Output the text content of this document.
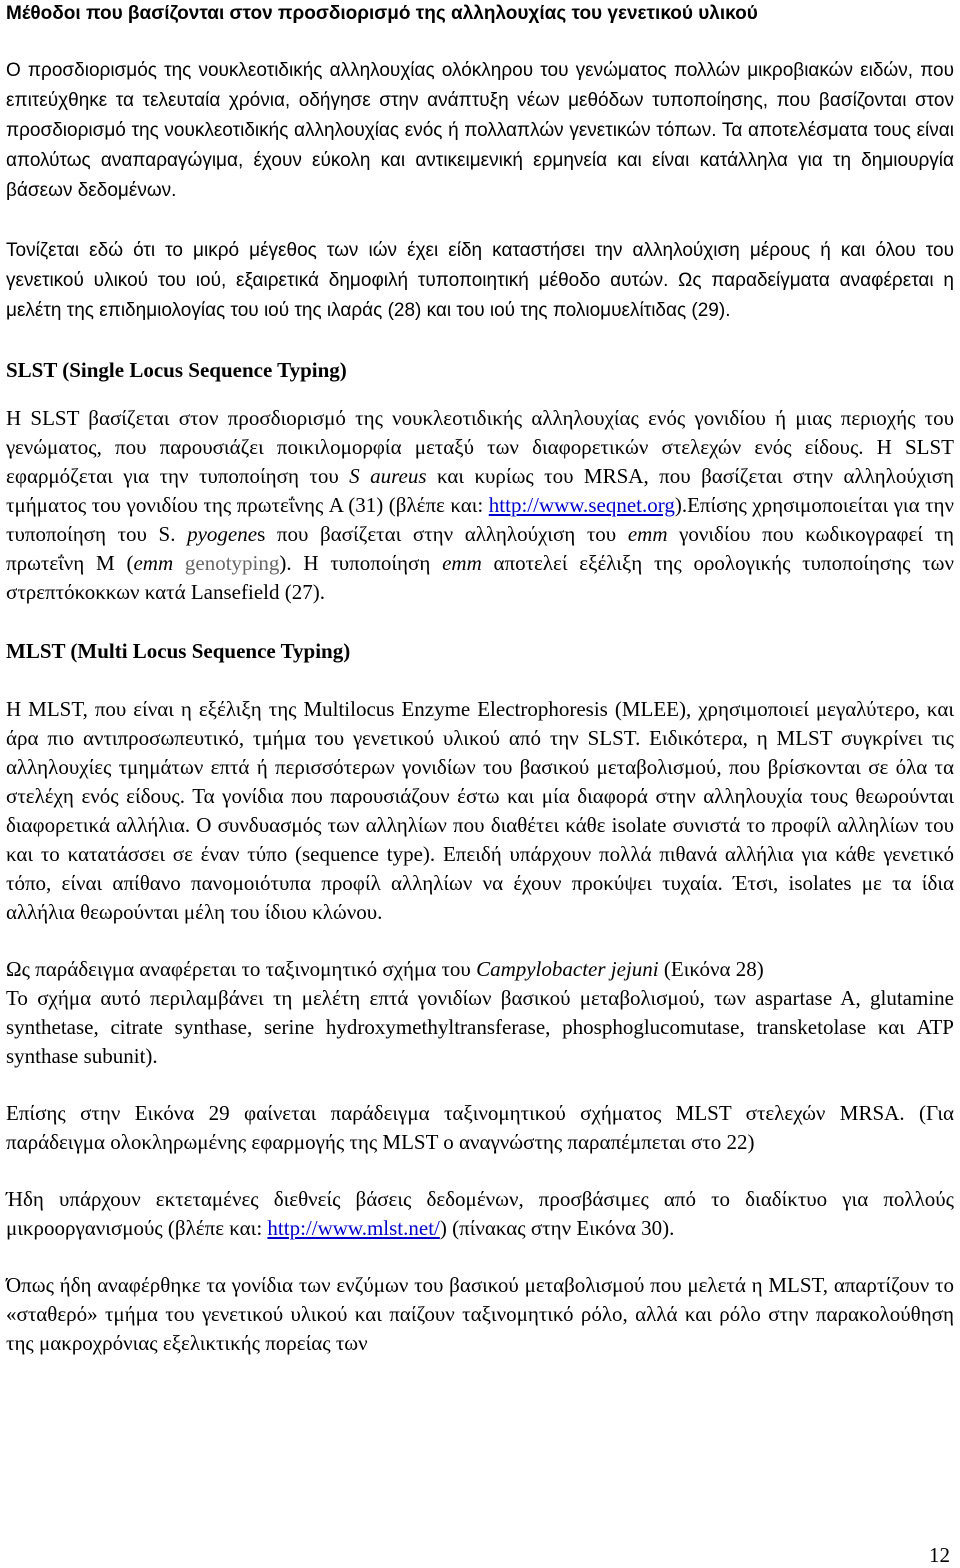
Μέθοδοι που βασίζονται στον προσδιορισμό της αλληλουχίας του γενετικού υλικού

Ο προσδιορισμός της νουκλεοτιδικής αλληλουχίας ολόκληρου του γενώματος πολλών μικροβιακών ειδών, που επιτεύχθηκε τα τελευταία χρόνια, οδήγησε στην ανάπτυξη νέων μεθόδων τυποποίησης, που βασίζονται στον προσδιορισμό της νουκλεοτιδικής αλληλουχίας ενός ή πολλαπλών γενετικών τόπων. Τα αποτελέσματα τους είναι απολύτως αναπαραγώγιμα, έχουν εύκολη και αντικειμενική ερμηνεία και είναι κατάλληλα για τη δημιουργία βάσεων δεδομένων.

Τονίζεται εδώ ότι το μικρό μέγεθος των ιών έχει είδη καταστήσει την αλληλούχιση μέρους ή και όλου του γενετικού υλικού του ιού, εξαιρετικά δημοφιλή τυποποιητική μέθοδο αυτών. Ως παραδείγματα αναφέρεται η μελέτη της επιδημιολογίας του ιού της ιλαράς (28) και του ιού της πολιομυελίτιδας (29).

SLST (Single Locus Sequence Typing)

Η SLST βασίζεται στον προσδιορισμό της νουκλεοτιδικής αλληλουχίας ενός γονιδίου ή μιας περιοχής του γενώματος, που παρουσιάζει ποικιλομορφία μεταξύ των διαφορετικών στελεχών ενός είδους. Η SLST εφαρμόζεται για την τυποποίηση του S aureus και κυρίως του MRSA, που βασίζεται στην αλληλούχιση τμήματος του γονιδίου της πρωτεΐνης A (31) (βλέπε και: http://www.seqnet.org).Επίσης χρησιμοποιείται για την τυποποίηση του S. pyogenes που βασίζεται στην αλληλούχιση του emm γονιδίου που κωδικογραφεί τη πρωτεΐνη Μ (emm genotyping). Η τυποποίηση emm αποτελεί εξέλιξη της ορολογικής τυποποίησης των στρεπτόκοκκων κατά Lansefield (27).

MLST (Multi Locus Sequence Typing)

Η MLST, που είναι η εξέλιξη της Multilocus Enzyme Electrophoresis (MLEE), χρησιμοποιεί μεγαλύτερο, και άρα πιο αντιπροσωπευτικό, τμήμα του γενετικού υλικού από την SLST. Ειδικότερα, η MLST συγκρίνει τις αλληλουχίες τμημάτων επτά ή περισσότερων γονιδίων του βασικού μεταβολισμού, που βρίσκονται σε όλα τα στελέχη ενός είδους. Τα γονίδια που παρουσιάζουν έστω και μία διαφορά στην αλληλουχία τους θεωρούνται διαφορετικά αλλήλια. Ο συνδυασμός των αλληλίων που διαθέτει κάθε isolate συνιστά το προφίλ αλληλίων του και το κατατάσσει σε έναν τύπο (sequence type). Επειδή υπάρχουν πολλά πιθανά αλλήλια για κάθε γενετικό τόπο, είναι απίθανο πανομοιότυπα προφίλ αλληλίων να έχουν προκύψει τυχαία. Έτσι, isolates με τα ίδια αλλήλια θεωρούνται μέλη του ίδιου κλώνου.

Ως παράδειγμα αναφέρεται το ταξινομητικό σχήμα του Campylobacter jejuni (Εικόνα 28)
Το σχήμα αυτό περιλαμβάνει τη μελέτη επτά γονιδίων βασικού μεταβολισμού, των aspartase A, glutamine synthetase, citrate synthase, serine hydroxymethyltransferase, phosphoglucomutase, transketolase και ATP synthase subunit).

Επίσης στην Εικόνα 29 φαίνεται παράδειγμα ταξινομητικού σχήματος MLST στελεχών MRSA. (Για παράδειγμα ολοκληρωμένης εφαρμογής της MLST ο αναγνώστης παραπέμπεται στο 22)

Ήδη υπάρχουν εκτεταμένες διεθνείς βάσεις δεδομένων, προσβάσιμες από το διαδίκτυο για πολλούς μικροοργανισμούς (βλέπε και: http://www.mlst.net/) (πίνακας στην Εικόνα 30).

Όπως ήδη αναφέρθηκε τα γονίδια των ενζύμων του βασικού μεταβολισμού που μελετά η MLST, απαρτίζουν το «σταθερό» τμήμα του γενετικού υλικού και παίζουν ταξινομητικό ρόλο, αλλά και ρόλο στην παρακολούθηση της μακροχρόνιας εξελικτικής πορείας των

12
